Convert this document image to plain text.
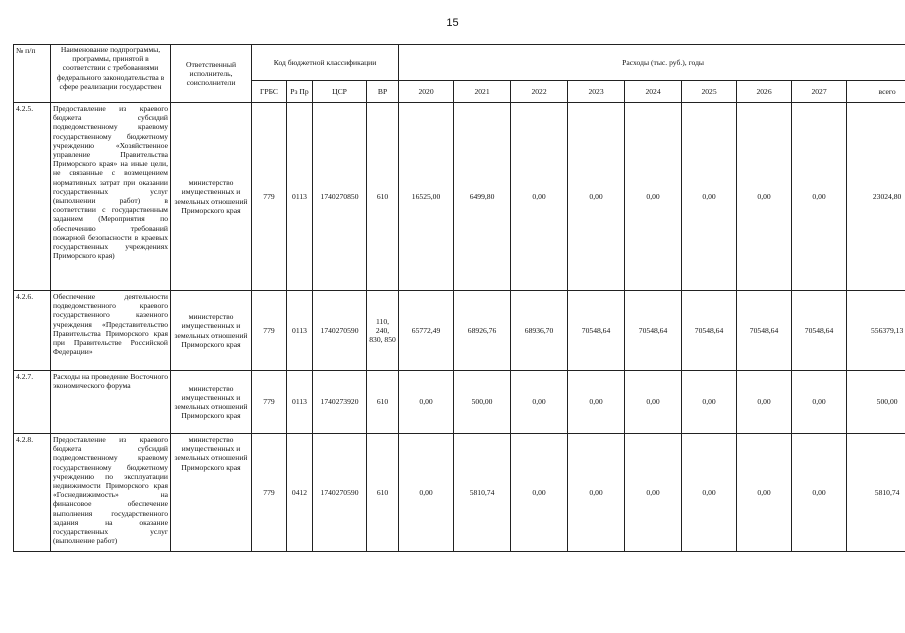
15
№ п/п	Наименование подпрограммы, программы, принятой в соответствии с требованиями федерального законодательства в сфере реализации государствен	Ответственный исполнитель, соисполнители	Код бюджетной классификации				Расходы (тыс. руб.), годы								
			ГРБС	Рз Пр	ЦСР	ВР	2020	2021	2022	2023	2024	2025	2026	2027	всего
4.2.5.	Предоставление из краевого бюджета субсидий подведомственному краевому государственному бюджетному учреждению «Хозяйственное управление Правительства Приморского края» на иные цели, не связанные с возмещением нормативных затрат при оказании государственных услуг (выполнении работ) в соответствии с государственным заданием (Мероприятия по обеспечению требований пожарной безопасности в краевых государственных учреждениях Приморского края)	министерство имущественных и земельных отношений Приморского края	779	0113	1740270850	610	16525,00	6499,80	0,00	0,00	0,00	0,00	0,00	0,00	23024,80
4.2.6.	Обеспечение деятельности подведомственного краевого государственного казенного учреждения «Представительство Правительства Приморского края при Правительстве Российской Федерации»	министерство имущественных и земельных отношений Приморского края	779	0113	1740270590	110, 240, 830, 850	65772,49	68926,76	68936,70	70548,64	70548,64	70548,64	70548,64	70548,64	556379,13
4.2.7.	Расходы на проведение Восточного экономического форума	министерство имущественных и земельных отношений Приморского края	779	0113	1740273920	610	0,00	500,00	0,00	0,00	0,00	0,00	0,00	0,00	500,00
4.2.8.	Предоставление из краевого бюджета субсидий подведомственному краевому государственному бюджетному учреждению по эксплуатации недвижимости Приморского края «Госнедвижимость» на финансовое обеспечение выполнения государственного задания на оказание государственных услуг (выполнение работ)	министерство имущественных и земельных отношений Приморского края	779	0412	1740270590	610	0,00	5810,74	0,00	0,00	0,00	0,00	0,00	0,00	5810,74
